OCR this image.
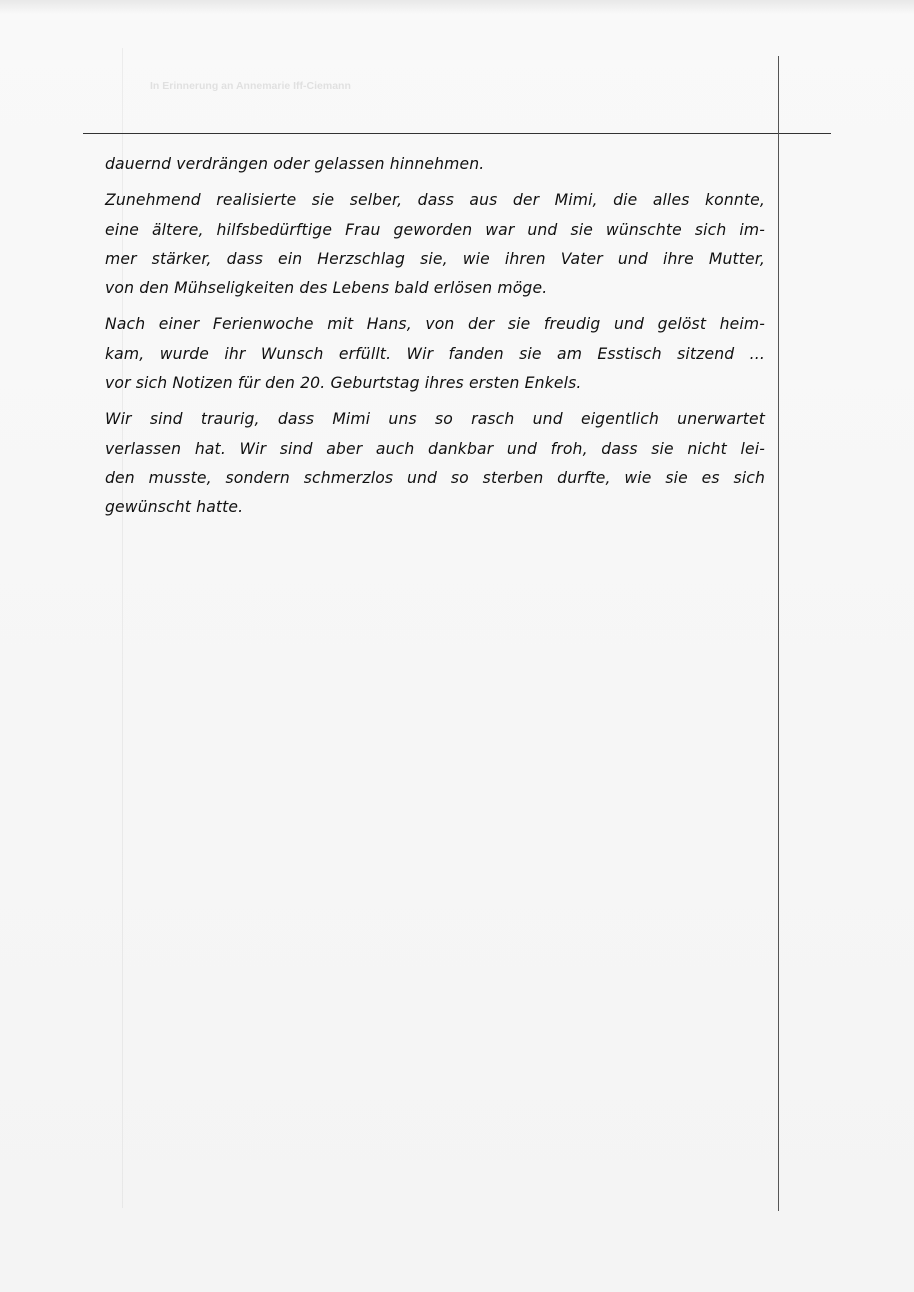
In Erinnerung an Annemarie Iff-Ciemann

dauernd verdrängen oder gelassen hinnehmen.

Zunehmend realisierte sie selber, dass aus der Mimi, die alles konnte,
eine ältere, hilfsbedürftige Frau geworden war und sie wünschte sich im-
mer stärker, dass ein Herzschlag sie, wie ihren Vater und ihre Mutter,
von den Mühseligkeiten des Lebens bald erlösen möge.

Nach einer Ferienwoche mit Hans, von der sie freudig und gelöst heim-
kam, wurde ihr Wunsch erfüllt. Wir fanden sie am Esstisch sitzend ...
vor sich Notizen für den 20. Geburtstag ihres ersten Enkels.

Wir sind traurig, dass Mimi uns so rasch und eigentlich unerwartet
verlassen hat. Wir sind aber auch dankbar und froh, dass sie nicht lei-
den musste, sondern schmerzlos und so sterben durfte, wie sie es sich
gewünscht hatte.
